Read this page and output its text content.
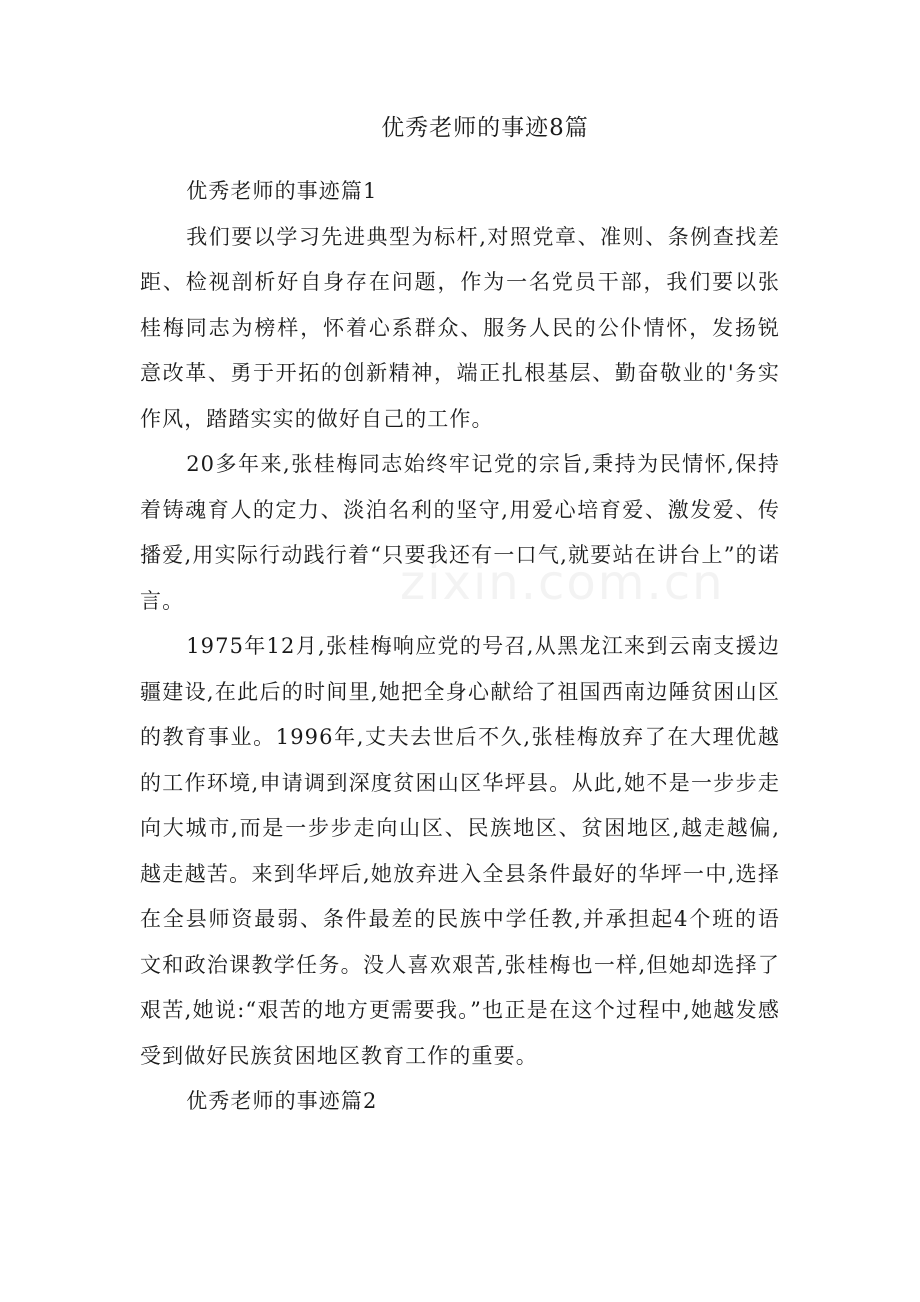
zixin.com.cn
优秀老师的事迹8篇

优秀老师的事迹篇1

我们要以学习先进典型为标杆,对照党章、准则、条例查找差距、检视剖析好自身存在问题，作为一名党员干部，我们要以张桂梅同志为榜样，怀着心系群众、服务人民的公仆情怀，发扬锐意改革、勇于开拓的创新精神，端正扎根基层、勤奋敬业的'务实作风，踏踏实实的做好自己的工作。

20多年来,张桂梅同志始终牢记党的宗旨,秉持为民情怀,保持着铸魂育人的定力、淡泊名利的坚守,用爱心培育爱、激发爱、传播爱,用实际行动践行着“只要我还有一口气,就要站在讲台上”的诺言。

1975年12月,张桂梅响应党的号召,从黑龙江来到云南支援边疆建设,在此后的时间里,她把全身心献给了祖国西南边陲贫困山区的教育事业。1996年,丈夫去世后不久,张桂梅放弃了在大理优越的工作环境,申请调到深度贫困山区华坪县。从此,她不是一步步走向大城市,而是一步步走向山区、民族地区、贫困地区,越走越偏,越走越苦。来到华坪后,她放弃进入全县条件最好的华坪一中,选择在全县师资最弱、条件最差的民族中学任教,并承担起4个班的语文和政治课教学任务。没人喜欢艰苦,张桂梅也一样,但她却选择了艰苦,她说:“艰苦的地方更需要我。”也正是在这个过程中,她越发感受到做好民族贫困地区教育工作的重要。

优秀老师的事迹篇2
